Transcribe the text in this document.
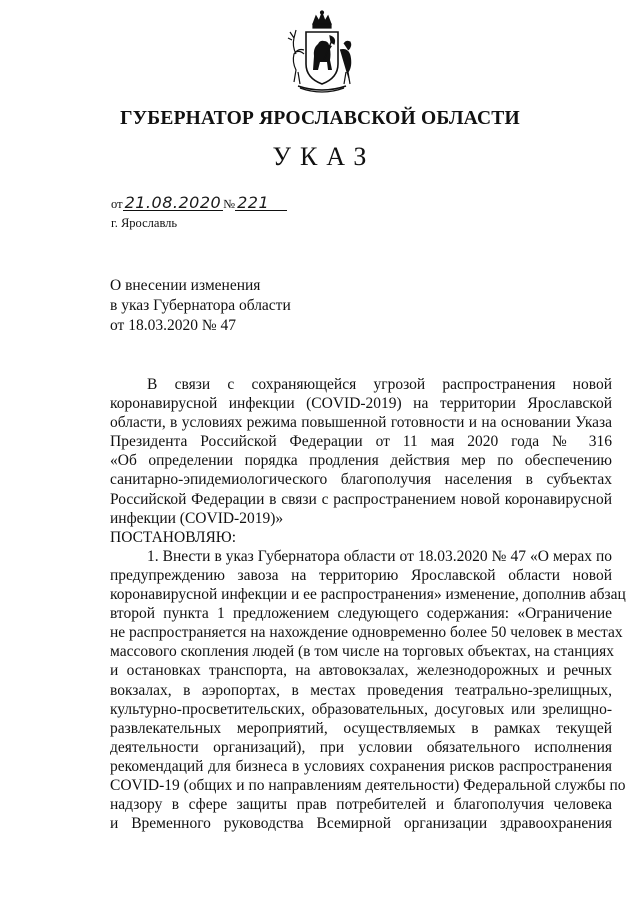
ГУБЕРНАТОР ЯРОСЛАВСКОЙ ОБЛАСТИ
УКАЗ
от 21.08.2020 № 221
г. Ярославль
О внесении изменения
в указ Губернатора области
от 18.03.2020 № 47
В связи с сохраняющейся угрозой распространения новой
коронавирусной инфекции (COVID-2019) на территории Ярославской
области, в условиях режима повышенной готовности и на основании Указа
Президента Российской Федерации от 11 мая 2020 года № 316
«Об определении порядка продления действия мер по обеспечению
санитарно-эпидемиологического благополучия населения в субъектах
Российской Федерации в связи с распространением новой коронавирусной
инфекции (COVID-2019)»
ПОСТАНОВЛЯЮ:
1. Внести в указ Губернатора области от 18.03.2020 № 47 «О мерах по
предупреждению завоза на территорию Ярославской области новой
коронавирусной инфекции и ее распространения» изменение, дополнив абзац
второй пункта 1 предложением следующего содержания: «Ограничение
не распространяется на нахождение одновременно более 50 человек в местах
массового скопления людей (в том числе на торговых объектах, на станциях
и остановках транспорта, на автовокзалах, железнодорожных и речных
вокзалах, в аэропортах, в местах проведения театрально-зрелищных,
культурно-просветительских, образовательных, досуговых или зрелищно-
развлекательных мероприятий, осуществляемых в рамках текущей
деятельности организаций), при условии обязательного исполнения
рекомендаций для бизнеса в условиях сохранения рисков распространения
COVID-19 (общих и по направлениям деятельности) Федеральной службы по
надзору в сфере защиты прав потребителей и благополучия человека
и Временного руководства Всемирной организации здравоохранения
